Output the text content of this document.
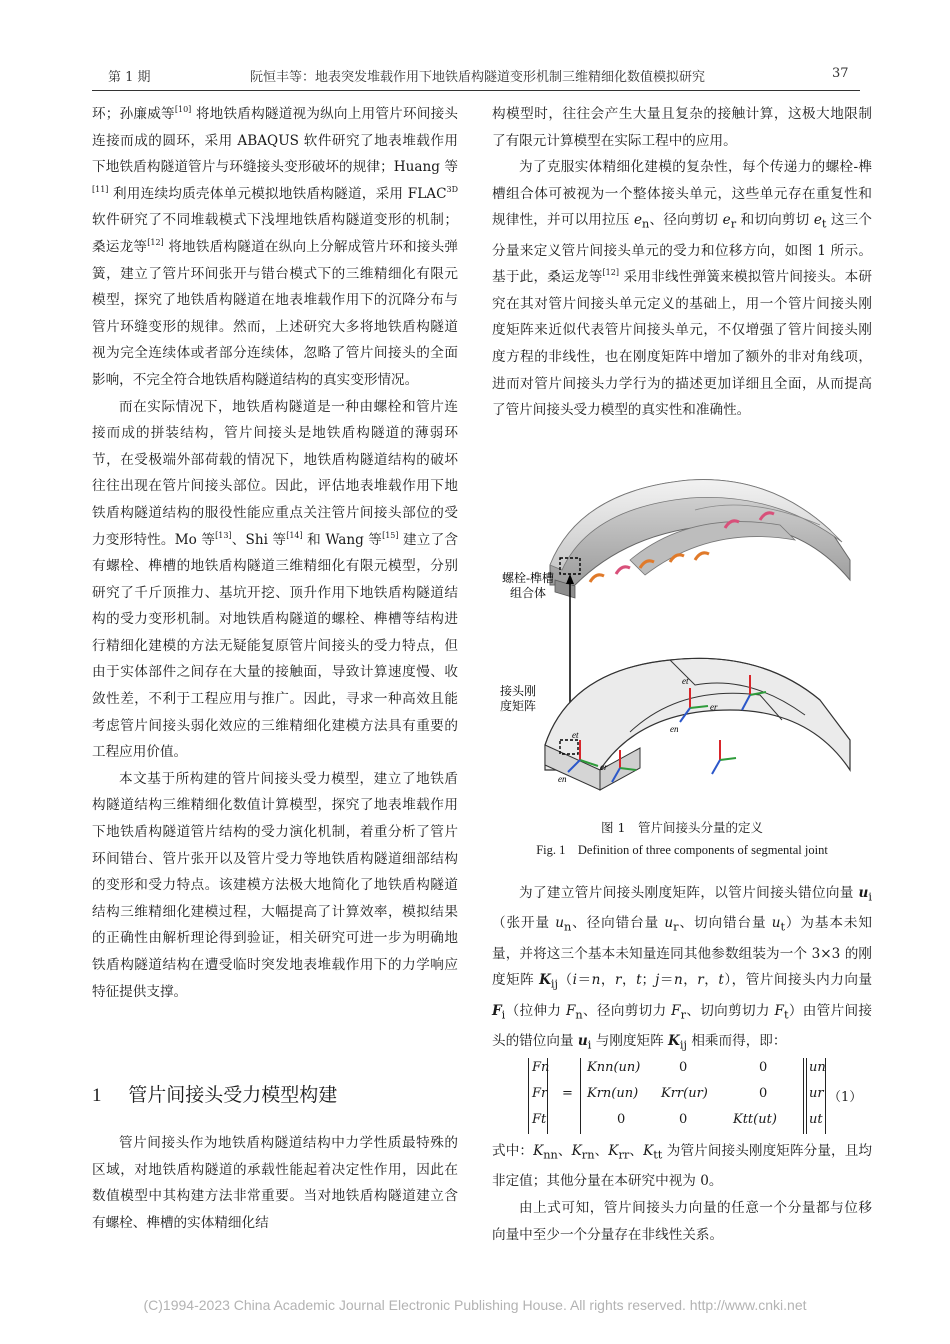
第 1 期	阮恒丰等：地表突发堆载作用下地铁盾构隧道变形机制三维精细化数值模拟研究	37

环；孙廉威等[10] 将地铁盾构隧道视为纵向上用管片环间接头连接而成的圆环，采用 ABAQUS 软件研究了地表堆载作用下地铁盾构隧道管片与环缝接头变形破坏的规律；Huang 等[11] 利用连续均质壳体单元模拟地铁盾构隧道，采用 $FLAC^{3D}$ 软件研究了不同堆载模式下浅埋地铁盾构隧道变形的机制；桑运龙等[12] 将地铁盾构隧道在纵向上分解成管片环和接头弹簧，建立了管片环间张开与错台模式下的三维精细化有限元模型，探究了地铁盾构隧道在地表堆载作用下的沉降分布与管片环缝变形的规律。然而，上述研究大多将地铁盾构隧道视为完全连续体或者部分连续体，忽略了管片间接头的全面影响，不完全符合地铁盾构隧道结构的真实变形情况。

而在实际情况下，地铁盾构隧道是一种由螺栓和管片连接而成的拼装结构，管片间接头是地铁盾构隧道的薄弱环节，在受极端外部荷载的情况下，地铁盾构隧道结构的破坏往往出现在管片间接头部位。因此，评估地表堆载作用下地铁盾构隧道结构的服役性能应重点关注管片间接头部位的受力变形特性。Mo 等[13]、Shi 等[14] 和 Wang 等[15] 建立了含有螺栓、榫槽的地铁盾构隧道三维精细化有限元模型，分别研究了千斤顶推力、基坑开挖、顶升作用下地铁盾构隧道结构的受力变形机制。对地铁盾构隧道的螺栓、榫槽等结构进行精细化建模的方法无疑能复原管片间接头的受力特点，但由于实体部件之间存在大量的接触面，导致计算速度慢、收敛性差，不利于工程应用与推广。因此，寻求一种高效且能考虑管片间接头弱化效应的三维精细化建模方法具有重要的工程应用价值。

本文基于所构建的管片间接头受力模型，建立了地铁盾构隧道结构三维精细化数值计算模型，探究了地表堆载作用下地铁盾构隧道管片结构的受力演化机制，着重分析了管片环间错台、管片张开以及管片受力等地铁盾构隧道细部结构的变形和受力特点。该建模方法极大地简化了地铁盾构隧道结构三维精细化建模过程，大幅提高了计算效率，模拟结果的正确性由解析理论得到验证，相关研究可进一步为明确地铁盾构隧道结构在遭受临时突发地表堆载作用下的力学响应特征提供支撑。

1 管片间接头受力模型构建

管片间接头作为地铁盾构隧道结构中力学性质最特殊的区域，对地铁盾构隧道的承载性能起着决定性作用，因此在数值模型中其构建方法非常重要。当对地铁盾构隧道建立含有螺栓、榫槽的实体精细化结

构模型时，往往会产生大量且复杂的接触计算，这极大地限制了有限元计算模型在实际工程中的应用。

为了克服实体精细化建模的复杂性，每个传递力的螺栓-榫槽组合体可被视为一个整体接头单元，这些单元存在重复性和规律性，并可以用拉压 $e_n$、径向剪切 $e_r$ 和切向剪切 $e_t$ 这三个分量来定义管片间接头单元的受力和位移方向，如图 1 所示。基于此，桑运龙等[12] 采用非线性弹簧来模拟管片间接头。本研究在其对管片间接头单元定义的基础上，用一个管片间接头刚度矩阵来近似代表管片间接头单元，不仅增强了管片间接头刚度方程的非线性，也在刚度矩阵中增加了额外的非对角线项，进而对管片间接头力学行为的描述更加详细且全面，从而提高了管片间接头受力模型的真实性和准确性。

螺栓-榫槽
组合体
接头刚
度矩阵
et
er
en
et
er
en
图 1　管片间接头分量的定义
Fig. 1　Definition of three components of segmental joint

为了建立管片间接头刚度矩阵，以管片间接头错位向量 $u_i$（张开量 $u_n$、径向错台量 $u_r$、切向错台量 $u_t$）为基本未知量，并将这三个基本未知量连同其他参数组装为一个 3×3 的刚度矩阵 $K_{ij}(i=n$，r，t；j＝n，r，t），管片间接头内力向量 $F_i$（拉伸力 $F_n$、径向剪切力 $F_r$、切向剪切力 $F_t$）由管片间接头的错位向量 $u_i$ 与刚度矩阵 $K_{ij}$ 相乘而得，即：

Fn
Fr
Ft
=
Knn(un)	0	0
Krn(un) Krr(ur)	0
0	0	Ktt(ut)
un
ur
ut
（1）

式中：$K_{nn}$、$K_{rn}$、$K_{rr}$、$K_{tt}$ 为管片间接头刚度矩阵分量，且均非定值；其他分量在本研究中视为 0。

由上式可知，管片间接头力向量的任意一个分量都与位移向量中至少一个分量存在非线性关系。

(C)1994-2023 China Academic Journal Electronic Publishing House. All rights reserved. http://www.cnki.net
